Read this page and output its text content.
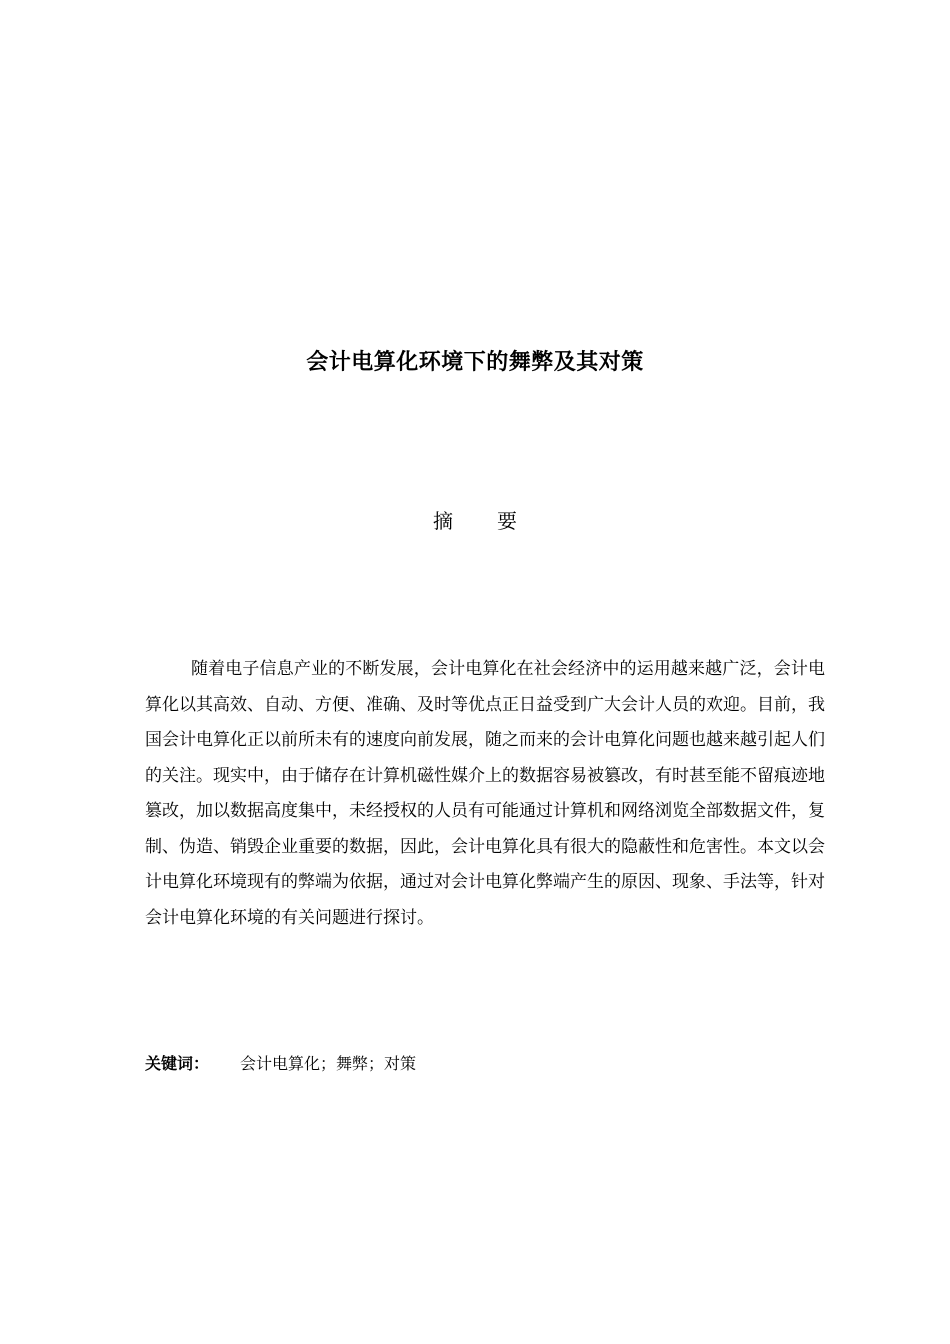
会计电算化环境下的舞弊及其对策
摘 要

随着电子信息产业的不断发展，会计电算化在社会经济中的运用越来越广泛，会计电算化以其高效、自动、方便、准确、及时等优点正日益受到广大会计人员的欢迎。目前，我国会计电算化正以前所未有的速度向前发展，随之而来的会计电算化问题也越来越引起人们的关注。现实中，由于储存在计算机磁性媒介上的数据容易被篡改，有时甚至能不留痕迹地篡改，加以数据高度集中，未经授权的人员有可能通过计算机和网络浏览全部数据文件，复制、伪造、销毁企业重要的数据，因此，会计电算化具有很大的隐蔽性和危害性。本文以会计电算化环境现有的弊端为依据，通过对会计电算化弊端产生的原因、现象、手法等，针对会计电算化环境的有关问题进行探讨。

关键词： 会计电算化；舞弊；对策
